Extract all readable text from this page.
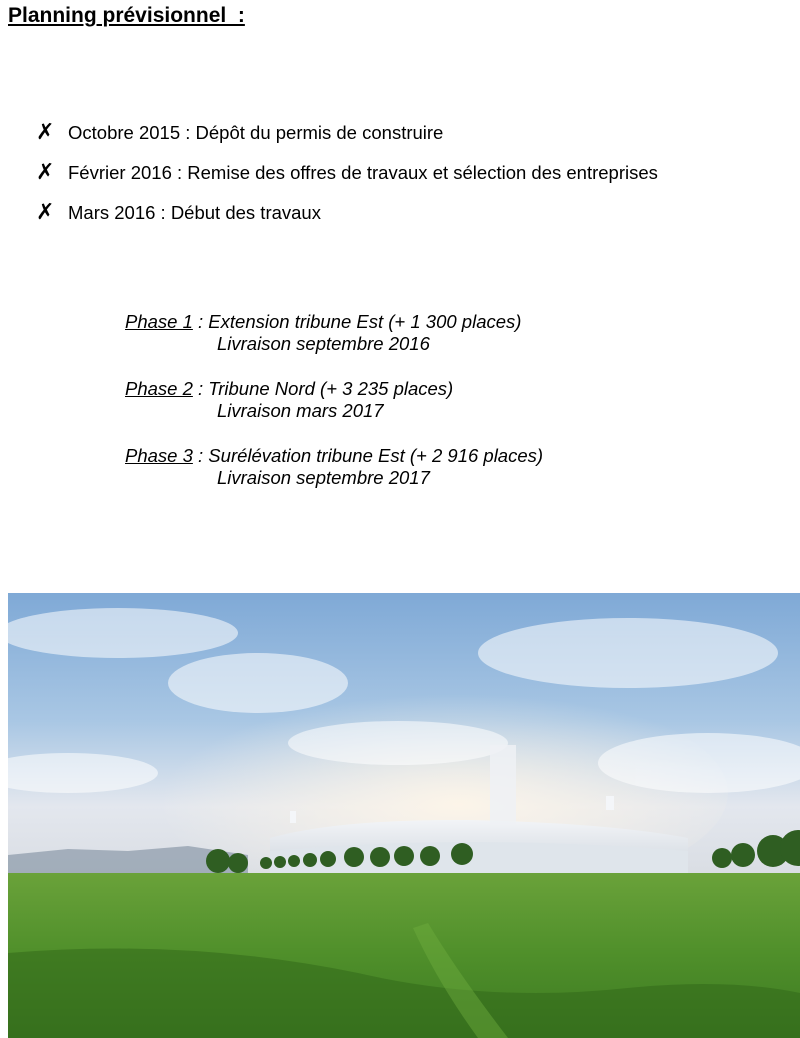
Planning prévisionnel  :
✗ Octobre 2015 : Dépôt du permis de construire
✗ Février 2016 : Remise des offres de travaux et sélection des entreprises
✗ Mars 2016 : Début des travaux
Phase 1 : Extension tribune Est (+ 1 300 places)
Livraison septembre 2016
Phase 2 : Tribune Nord (+ 3 235 places)
Livraison mars 2017
Phase 3 : Surélévation tribune Est (+ 2 916 places)
Livraison septembre 2017
